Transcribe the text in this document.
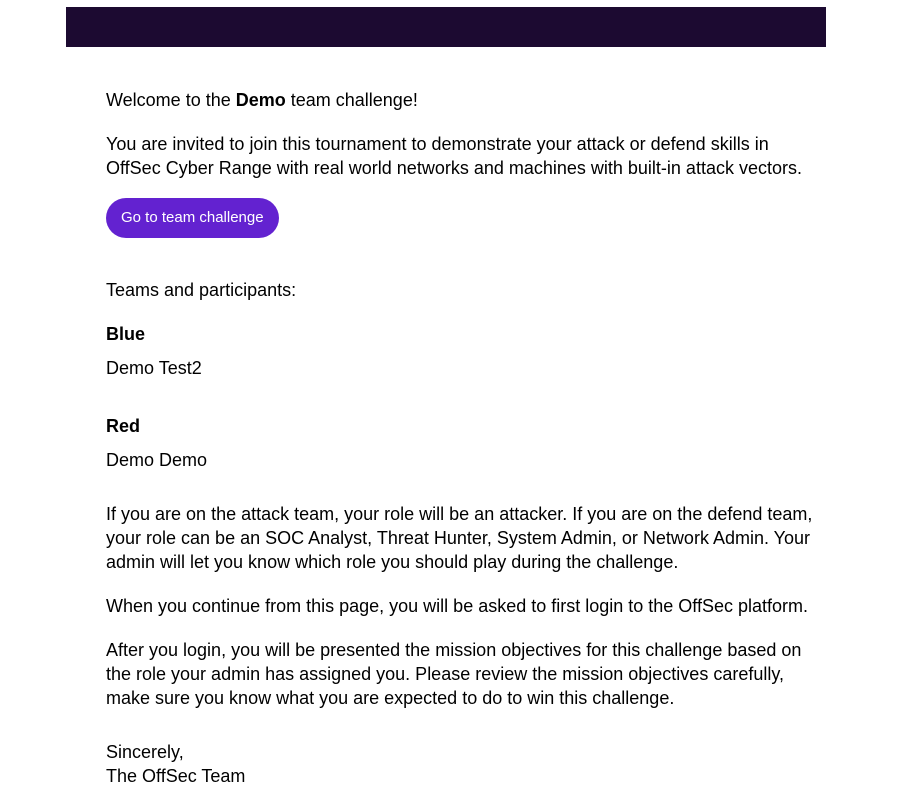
Welcome to the Demo team challenge!

You are invited to join this tournament to demonstrate your attack or defend skills in OffSec Cyber Range with real world networks and machines with built-in attack vectors.

Go to team challenge

Teams and participants:

Blue

Demo Test2

Red

Demo Demo

If you are on the attack team, your role will be an attacker. If you are on the defend team, your role can be an SOC Analyst, Threat Hunter, System Admin, or Network Admin. Your admin will let you know which role you should play during the challenge.

When you continue from this page, you will be asked to first login to the OffSec platform.

After you login, you will be presented the mission objectives for this challenge based on the role your admin has assigned you. Please review the mission objectives carefully, make sure you know what you are expected to do to win this challenge.

Sincerely,

The OffSec Team
